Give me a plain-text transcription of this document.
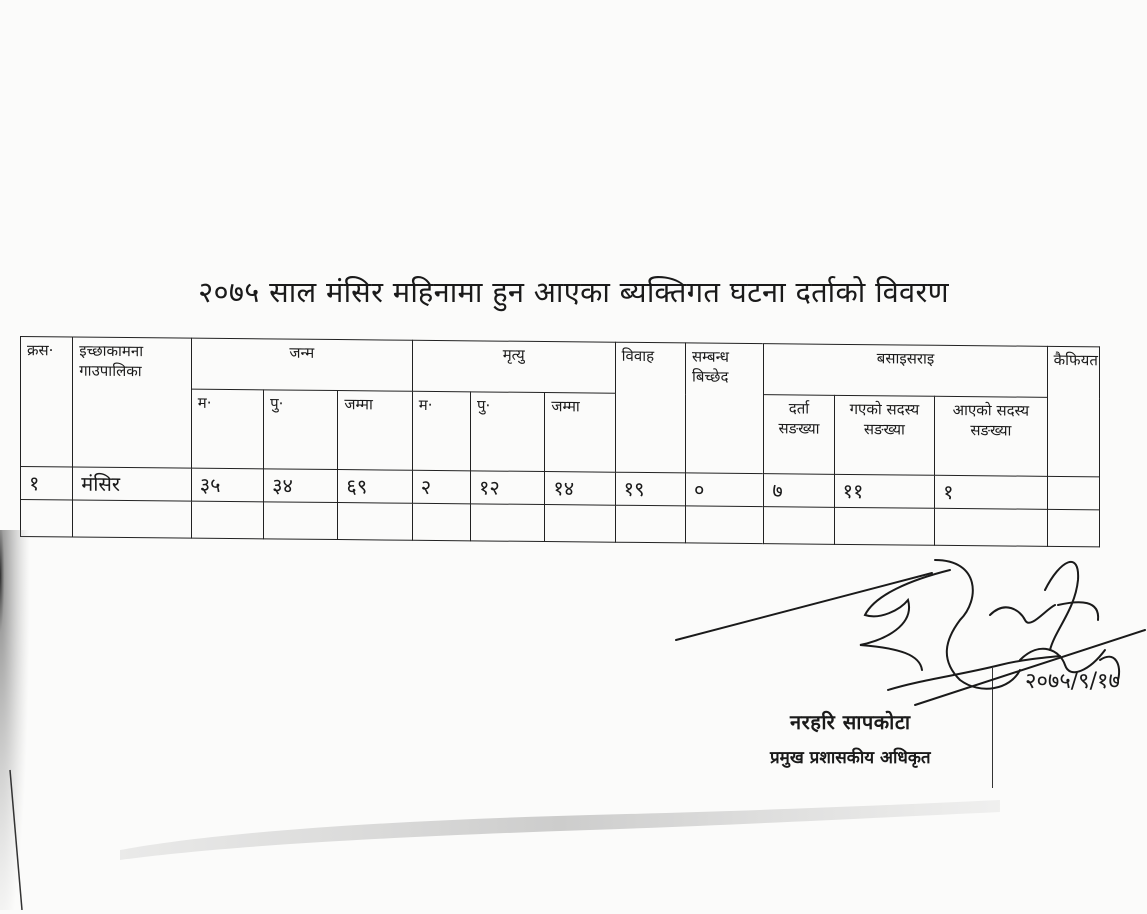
२०७५ साल मंसिर महिनामा हुन आएका ब्यक्तिगत घटना दर्ताको विवरण
क्रस·	इच्छाकामना गाउपालिका	जन्म			मृत्यु			विवाह	सम्बन्ध बिच्छेद	बसाइसराइ			कैफियत
		म·	पु·	जम्मा	म·	पु·	जम्मा			दर्ता सङख्या	गएको सदस्य सङख्या	आएको सदस्य सङख्या	
१	मंसिर	३५	३४	६९	२	१२	१४	१९	०	७	११	१	

२०७५/९/१७
नरहरि सापकोटा
प्रमुख प्रशासकीय अधिकृत
